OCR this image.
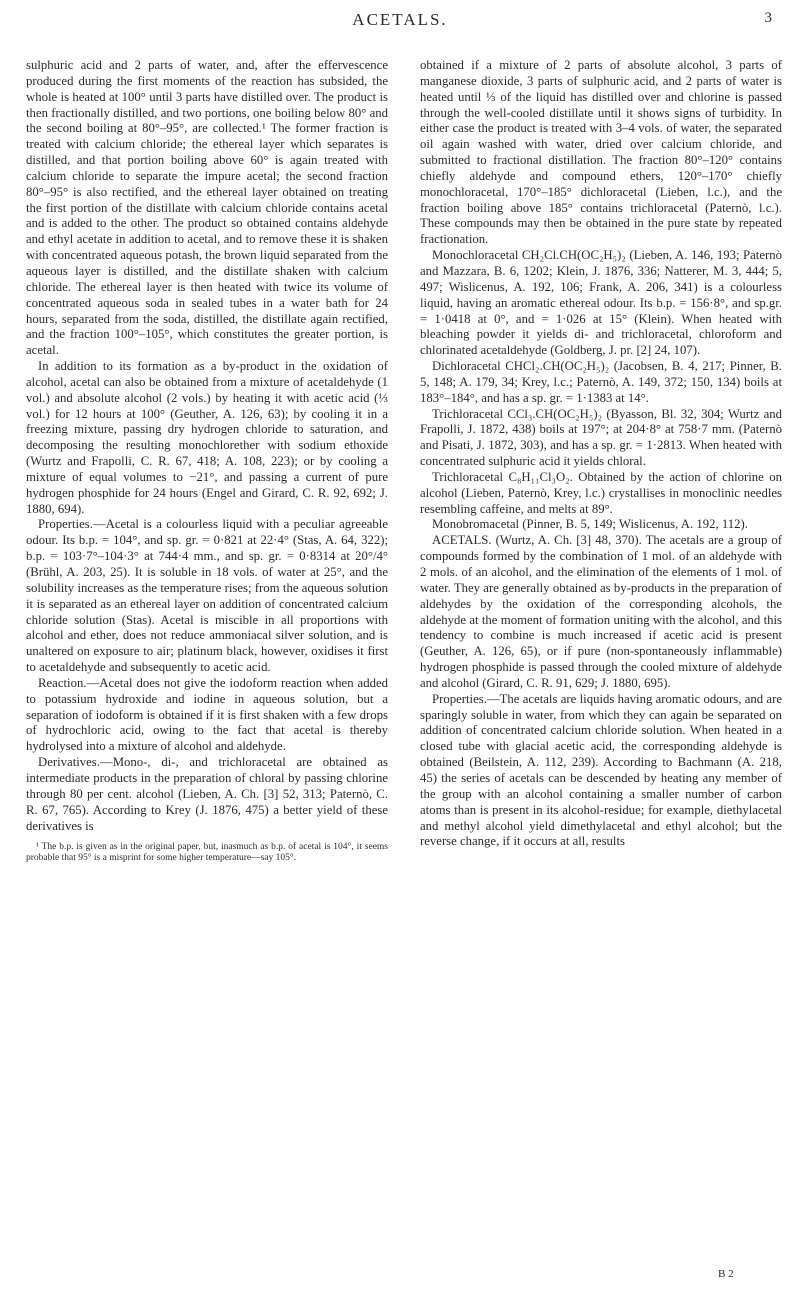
ACETALS.	3

sulphuric acid and 2 parts of water, and, after the effervescence produced during the first moments of the reaction has subsided, the whole is heated at 100° until 3 parts have distilled over. The product is then fractionally distilled, and two portions, one boiling below 80° and the second boiling at 80°–95°, are collected.¹ The former fraction is treated with calcium chloride; the ethereal layer which separates is distilled, and that portion boiling above 60° is again treated with calcium chloride to separate the impure acetal; the second fraction 80°–95° is also rectified, and the ethereal layer obtained on treating the first portion of the distillate with calcium chloride contains acetal and is added to the other. The product so obtained contains aldehyde and ethyl acetate in addition to acetal, and to remove these it is shaken with concentrated aqueous potash, the brown liquid separated from the aqueous layer is distilled, and the distillate shaken with calcium chloride. The ethereal layer is then heated with twice its volume of concentrated aqueous soda in sealed tubes in a water bath for 24 hours, separated from the soda, distilled, the distillate again rectified, and the fraction 100°–105°, which constitutes the greater portion, is acetal.

In addition to its formation as a by-product in the oxidation of alcohol, acetal can also be obtained from a mixture of acetaldehyde (1 vol.) and absolute alcohol (2 vols.) by heating it with acetic acid (⅓ vol.) for 12 hours at 100° (Geuther, A. 126, 63); by cooling it in a freezing mixture, passing dry hydrogen chloride to saturation, and decomposing the resulting monochlorether with sodium ethoxide (Wurtz and Frapolli, C. R. 67, 418; A. 108, 223); or by cooling a mixture of equal volumes to −21°, and passing a current of pure hydrogen phosphide for 24 hours (Engel and Girard, C. R. 92, 692; J. 1880, 694).

Properties.—Acetal is a colourless liquid with a peculiar agreeable odour. Its b.p. = 104°, and sp. gr. = 0·821 at 22·4° (Stas, A. 64, 322); b.p. = 103·7°–104·3° at 744·4 mm., and sp. gr. = 0·8314 at 20°/4° (Brühl, A. 203, 25). It is soluble in 18 vols. of water at 25°, and the solubility increases as the temperature rises; from the aqueous solution it is separated as an ethereal layer on addition of concentrated calcium chloride solution (Stas). Acetal is miscible in all proportions with alcohol and ether, does not reduce ammoniacal silver solution, and is unaltered on exposure to air; platinum black, however, oxidises it first to acetaldehyde and subsequently to acetic acid.

Reaction.—Acetal does not give the iodoform reaction when added to potassium hydroxide and iodine in aqueous solution, but a separation of iodoform is obtained if it is first shaken with a few drops of hydrochloric acid, owing to the fact that acetal is thereby hydrolysed into a mixture of alcohol and aldehyde.

Derivatives.—Mono-, di-, and trichloracetal are obtained as intermediate products in the preparation of chloral by passing chlorine through 80 per cent. alcohol (Lieben, A. Ch. [3] 52, 313; Paternò, C. R. 67, 765). According to Krey (J. 1876, 475) a better yield of these derivatives is

¹ The b.p. is given as in the original paper, but, inasmuch as b.p. of acetal is 104°, it seems probable that 95° is a misprint for some higher temperature—say 105°.

obtained if a mixture of 2 parts of absolute alcohol, 3 parts of manganese dioxide, 3 parts of sulphuric acid, and 2 parts of water is heated until ⅓ of the liquid has distilled over and chlorine is passed through the well-cooled distillate until it shows signs of turbidity. In either case the product is treated with 3–4 vols. of water, the separated oil again washed with water, dried over calcium chloride, and submitted to fractional distillation. The fraction 80°–120° contains chiefly aldehyde and compound ethers, 120°–170° chiefly monochloracetal, 170°–185° dichloracetal (Lieben, l.c.), and the fraction boiling above 185° contains trichloracetal (Paternò, l.c.). These compounds may then be obtained in the pure state by repeated fractionation.

Monochloracetal CH₂Cl.CH(OC₂H₅)₂ (Lieben, A. 146, 193; Paternò and Mazzara, B. 6, 1202; Klein, J. 1876, 336; Natterer, M. 3, 444; 5, 497; Wislicenus, A. 192, 106; Frank, A. 206, 341) is a colourless liquid, having an aromatic ethereal odour. Its b.p. = 156·8°, and sp.gr. = 1·0418 at 0°, and = 1·026 at 15° (Klein). When heated with bleaching powder it yields di- and trichloracetal, chloroform and chlorinated acetaldehyde (Goldberg, J. pr. [2] 24, 107).

Dichloracetal CHCl₂.CH(OC₂H₅)₂ (Jacobsen, B. 4, 217; Pinner, B. 5, 148; A. 179, 34; Krey, l.c.; Paternò, A. 149, 372; 150, 134) boils at 183°–184°, and has a sp. gr. = 1·1383 at 14°.

Trichloracetal CCl₃.CH(OC₂H₅)₂ (Byasson, Bl. 32, 304; Wurtz and Frapolli, J. 1872, 438) boils at 197°; at 204·8° at 758·7 mm. (Paternò and Pisati, J. 1872, 303), and has a sp. gr. = 1·2813. When heated with concentrated sulphuric acid it yields chloral.

Trichloracetal C₈H₁₁Cl₃O₂. Obtained by the action of chlorine on alcohol (Lieben, Paternò, Krey, l.c.) crystallises in monoclinic needles resembling caffeine, and melts at 89°.

Monobromacetal (Pinner, B. 5, 149; Wislicenus, A. 192, 112).

ACETALS. (Wurtz, A. Ch. [3] 48, 370). The acetals are a group of compounds formed by the combination of 1 mol. of an aldehyde with 2 mols. of an alcohol, and the elimination of the elements of 1 mol. of water. They are generally obtained as by-products in the preparation of aldehydes by the oxidation of the corresponding alcohols, the aldehyde at the moment of formation uniting with the alcohol, and this tendency to combine is much increased if acetic acid is present (Geuther, A. 126, 65), or if pure (non-spontaneously inflammable) hydrogen phosphide is passed through the cooled mixture of aldehyde and alcohol (Girard, C. R. 91, 629; J. 1880, 695).

Properties.—The acetals are liquids having aromatic odours, and are sparingly soluble in water, from which they can again be separated on addition of concentrated calcium chloride solution. When heated in a closed tube with glacial acetic acid, the corresponding aldehyde is obtained (Beilstein, A. 112, 239). According to Bachmann (A. 218, 45) the series of acetals can be descended by heating any member of the group with an alcohol containing a smaller number of carbon atoms than is present in its alcohol-residue; for example, diethylacetal and methyl alcohol yield dimethylacetal and ethyl alcohol; but the reverse change, if it occurs at all, results

B 2
